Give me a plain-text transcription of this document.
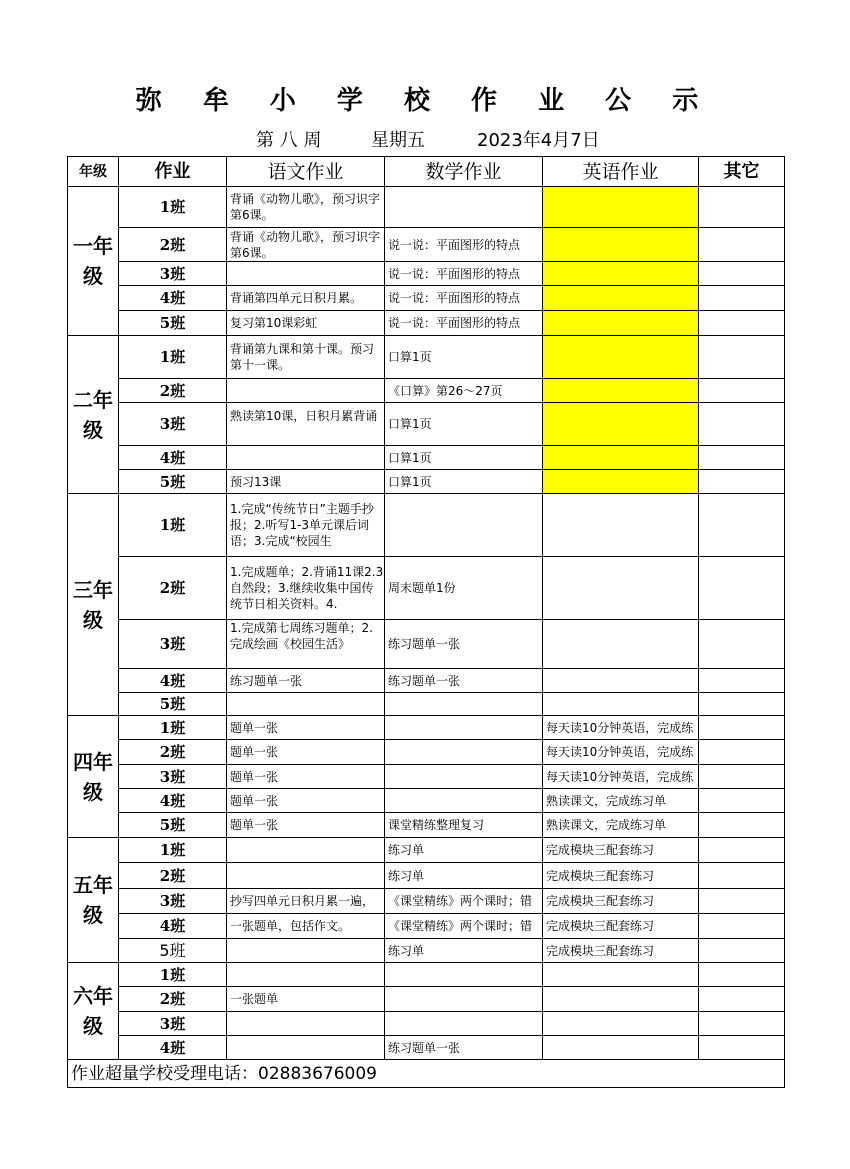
弥 牟 小 学 校 作 业 公 示
第 八 周	星期五	2023年4月7日
年级	作业	语文作业	数学作业	英语作业	其它
一年级	1班	背诵《动物儿歌》，预习识字第6课。			

	2班	背诵《动物儿歌》，预习识字第6课。	说一说：平面图形的特点		
	3班		说一说：平面图形的特点		
	4班	背诵第四单元日积月累。	说一说：平面图形的特点		
	5班	复习第10课彩虹	说一说：平面图形的特点		
二年级	1班	背诵第九课和第十课。预习第十一课。	口算1页		
	2班		《口算》第26～27页		
	3班	熟读第10课，日积月累背诵	口算1页		
	4班		口算1页		
	5班	预习13课	口算1页		
三年级	1班	1.完成“传统节日”主题手抄报；2.听写1-3单元课后词语；3.完成“校园生			

	2班	1.完成题单；2.背诵11课2.3自然段；3.继续收集中国传统节日相关资料。4.	周末题单1份		
	3班	1.完成第七周练习题单；2.完成绘画《校园生活》	练习题单一张		
	4班	练习题单一张	练习题单一张		
	5班				
四年级	1班	题单一张		每天读10分钟英语，完成练	

	2班	题单一张		每天读10分钟英语，完成练	

	3班	题单一张		每天读10分钟英语，完成练	

	4班	题单一张		熟读课文，完成练习单	
	5班	题单一张	课堂精练整理复习	熟读课文，完成练习单	
五年级	1班		练习单	完成模块三配套练习	
	2班		练习单	完成模块三配套练习	
	3班	抄写四单元日积月累一遍，	《课堂精练》两个课时；错	完成模块三配套练习	
	4班	一张题单，包括作文。	《课堂精练》两个课时；错	完成模块三配套练习	
	5班		练习单	完成模块三配套练习	
六年级	1班				
	2班	一张题单			
	3班				
	4班		练习题单一张		
作业超量学校受理电话：02883676009					
